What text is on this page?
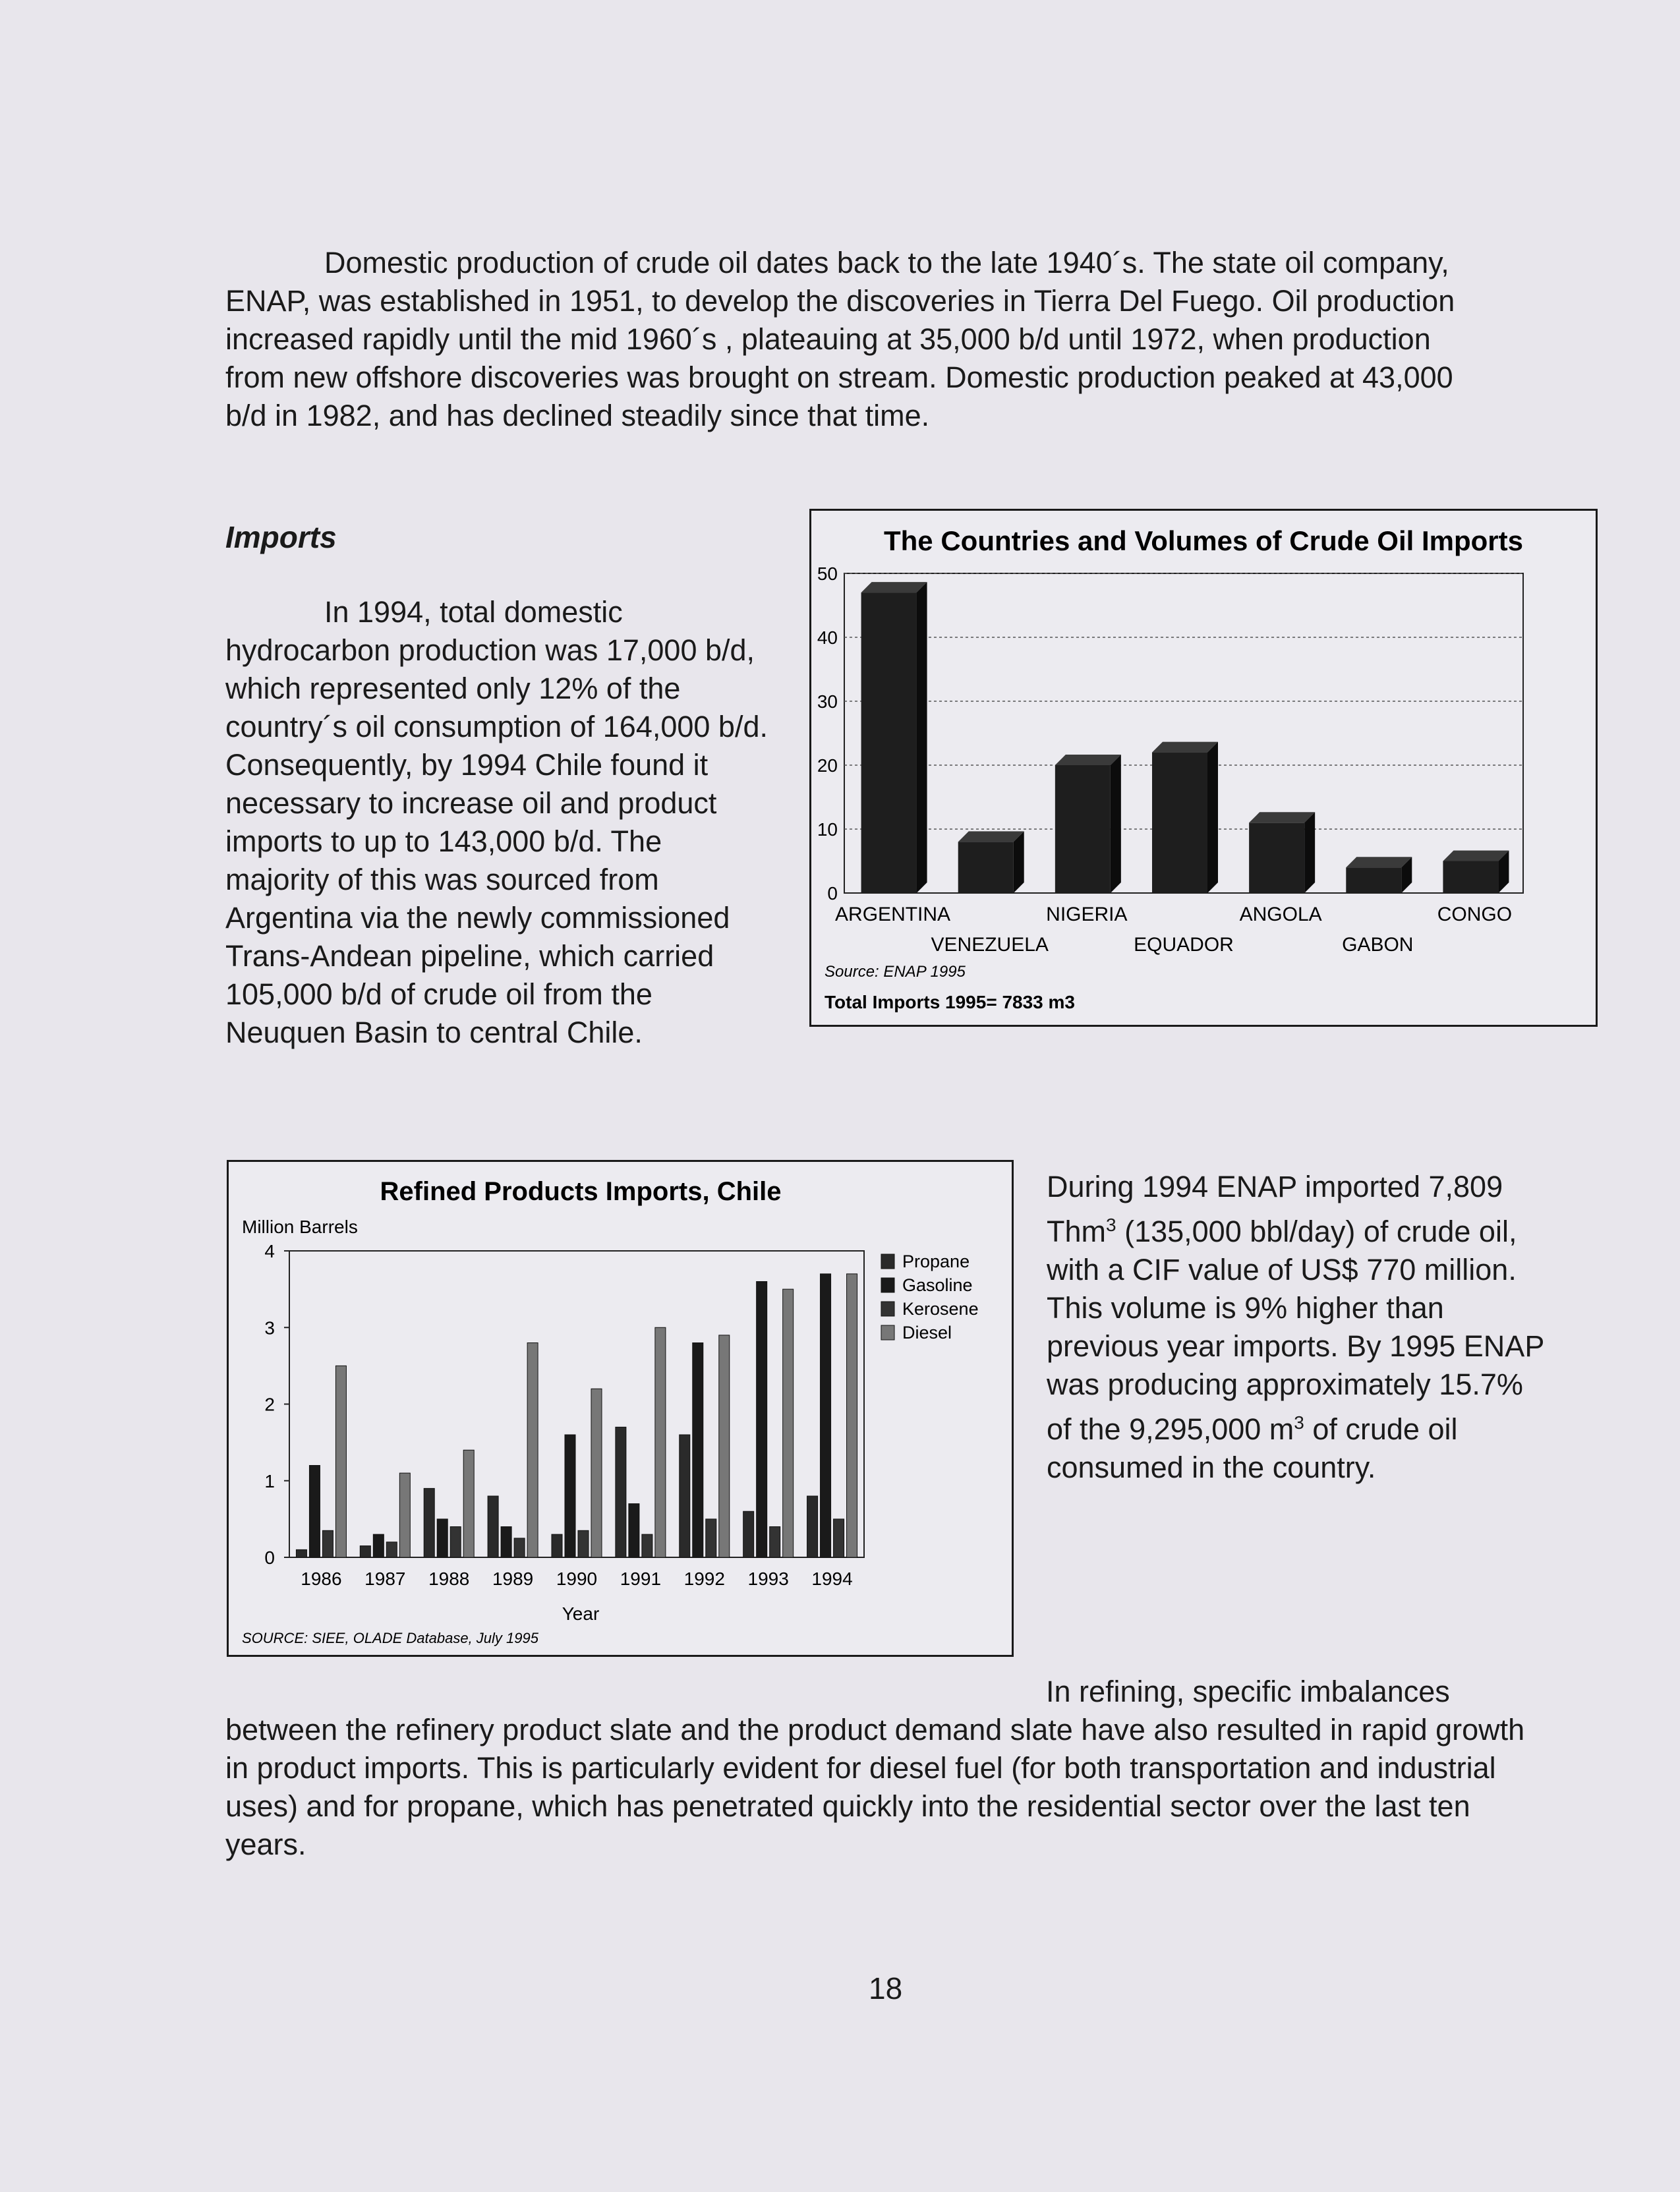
Domestic production of crude oil dates back to the late 1940´s. The state oil company, ENAP, was established in 1951, to develop the discoveries in Tierra Del Fuego. Oil production increased rapidly until the mid 1960´s , plateauing at 35,000 b/d until 1972, when production from new offshore discoveries was brought on stream. Domestic production peaked at 43,000 b/d in 1982, and has declined steadily since that time.

Imports

In 1994, total domestic hydrocarbon production was 17,000 b/d, which represented only 12% of the country´s oil consumption of 164,000 b/d. Consequently, by 1994 Chile found it necessary to increase oil and product imports to up to 143,000 b/d. The majority of this was sourced from Argentina via the newly commissioned Trans-Andean pipeline, which carried 105,000 b/d of crude oil from the Neuquen Basin to central Chile.

The Countries and Volumes of Crude Oil Imports
0
10
20
30
40
50
ARGENTINA
VENEZUELA
NIGERIA
EQUADOR
ANGOLA
GABON
CONGO
Source: ENAP 1995
Total Imports 1995= 7833 m3
Refined Products Imports, Chile
Million Barrels
0
1
2
3
4
1986 1987 1988 1989 1990 1991 1992 1993 1994
Propane
Gasoline
Kerosene
Diesel
Year
SOURCE: SIEE, OLADE Database, July 1995

During 1994 ENAP imported 7,809 Thm$^3$ (135,000 bbl/day) of crude oil, with a CIF value of US$ 770 million. This volume is 9% higher than previous year imports. By 1995 ENAP was producing approximately 15.7% of the 9,295,000 $m^3$ of crude oil consumed in the country.

In refining, specific imbalances
between the refinery product slate and the product demand slate have also resulted in rapid growth in product imports. This is particularly evident for diesel fuel (for both transportation and industrial uses) and for propane, which has penetrated quickly into the residential sector over the last ten years.

18
